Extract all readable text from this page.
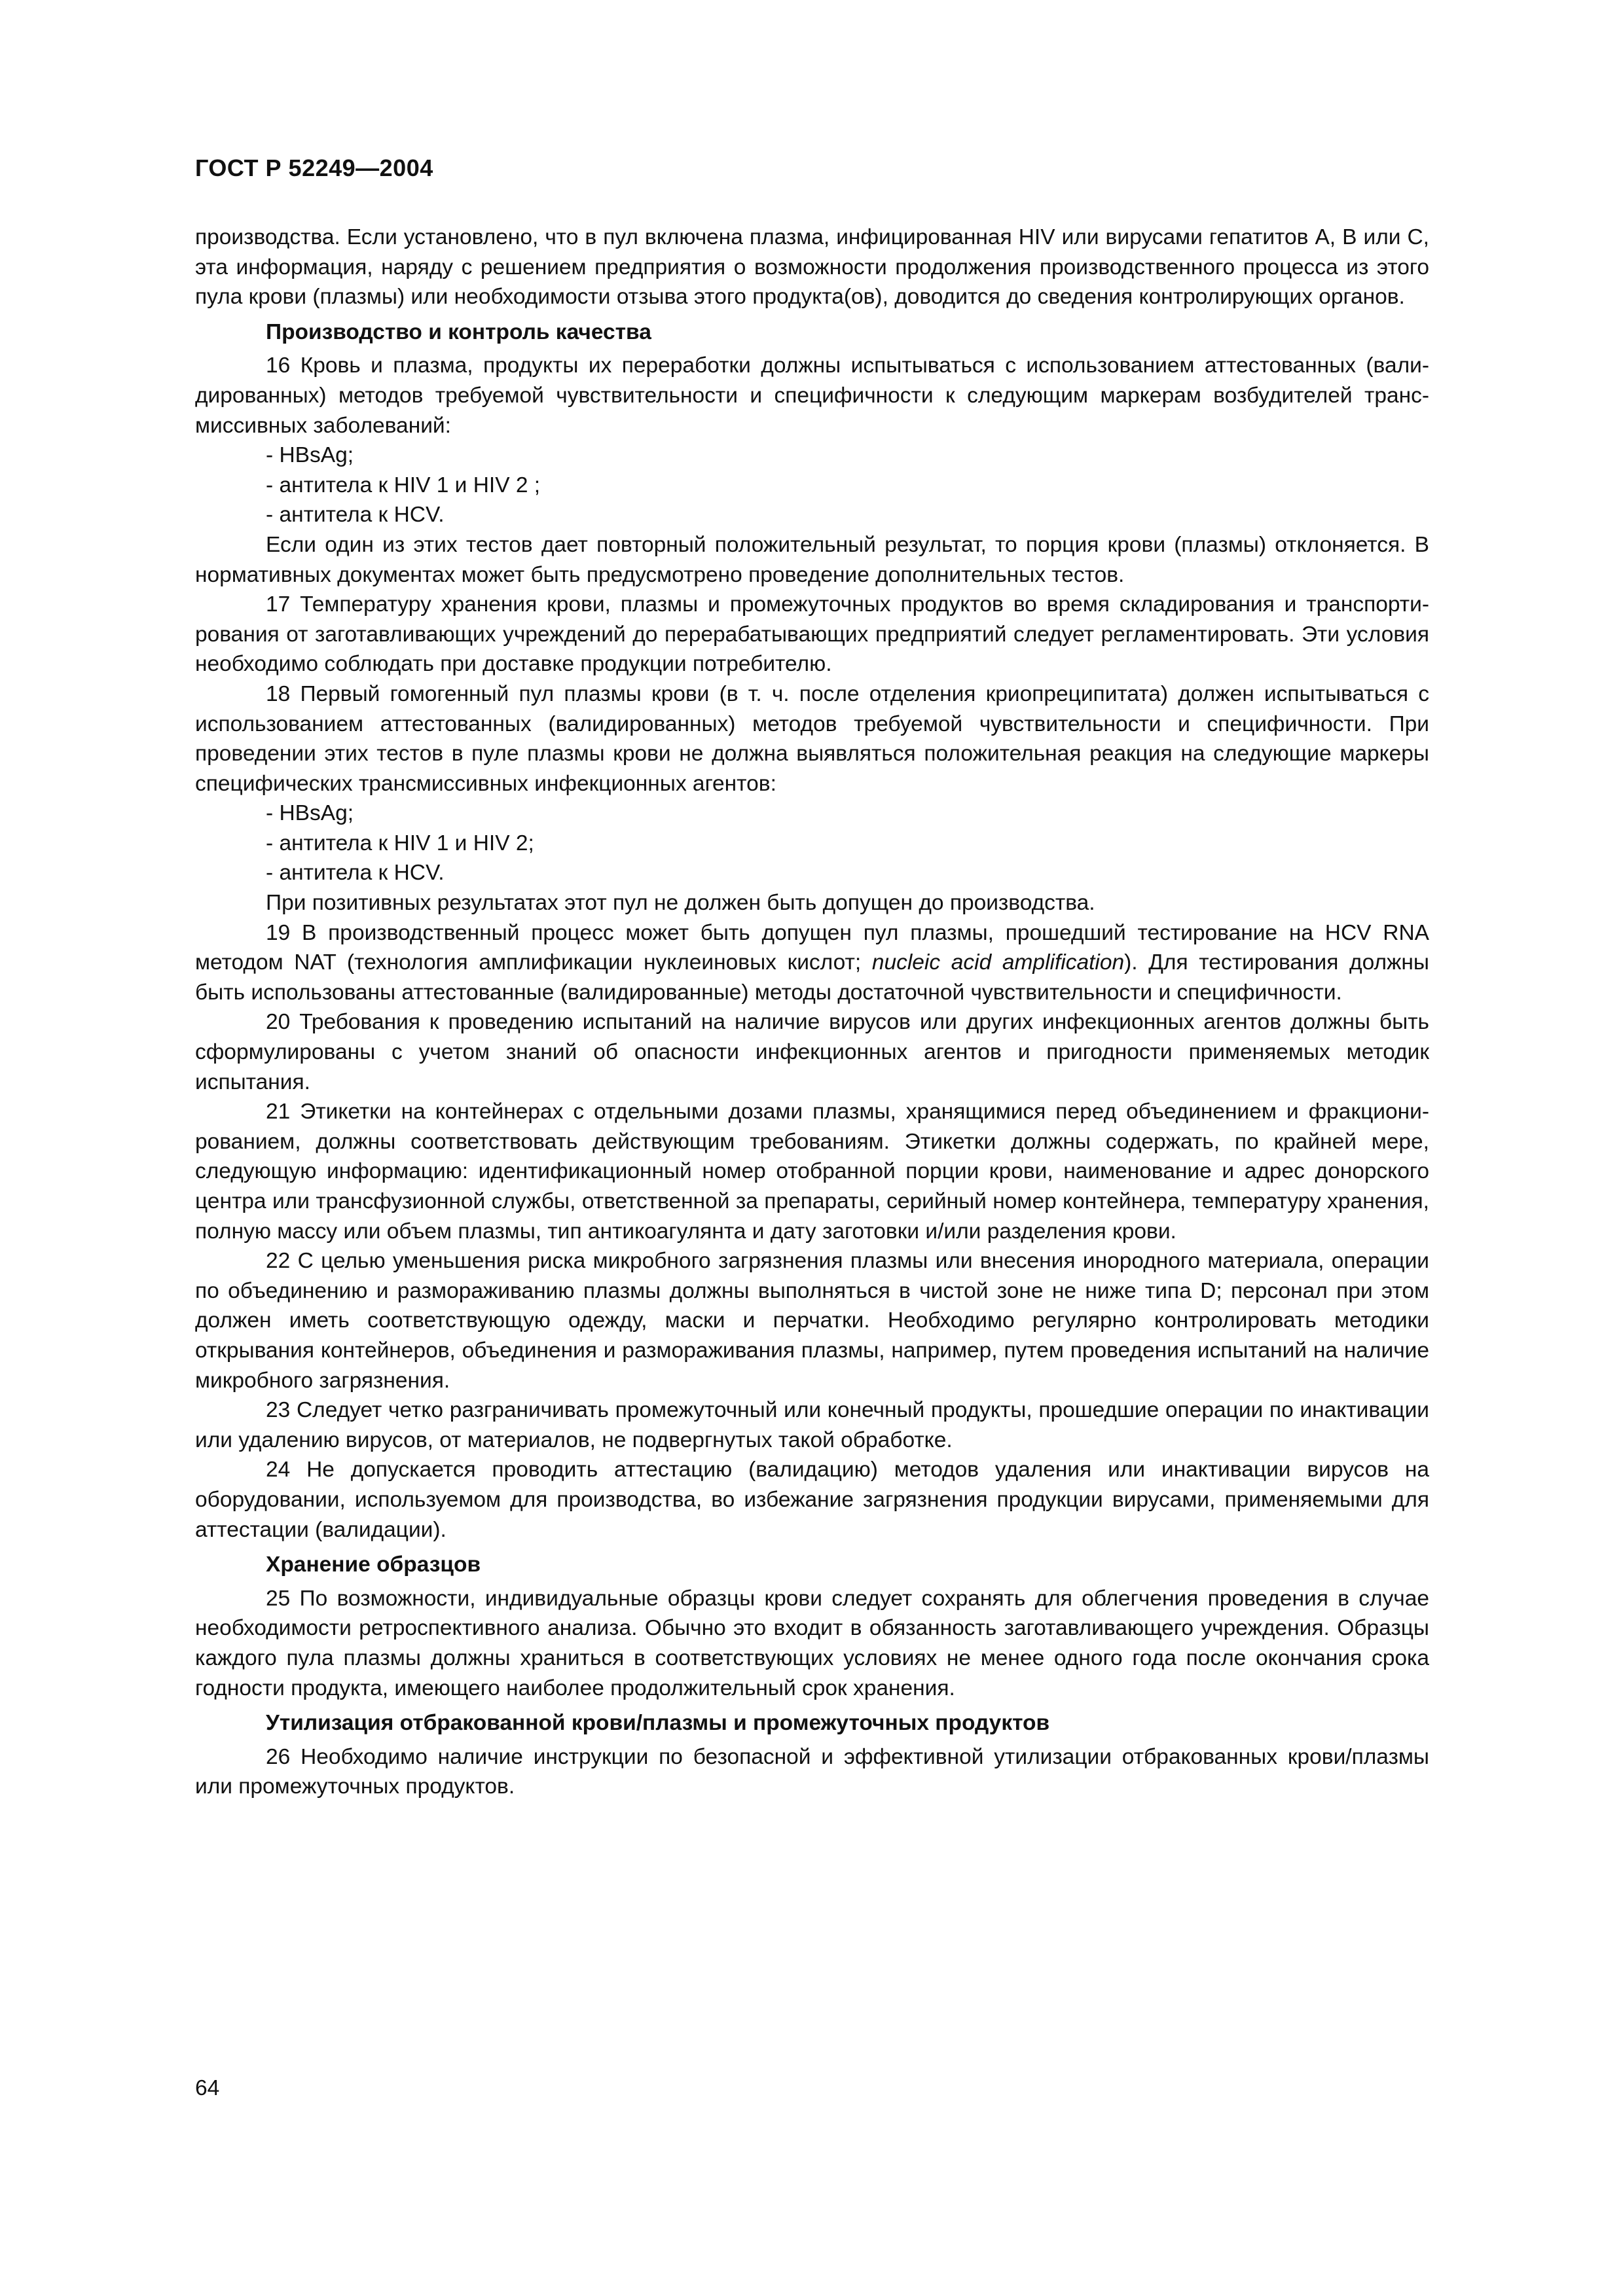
ГОСТ Р 52249—2004

производства. Если установлено, что в пул включена плазма, инфицированная HIV или вирусами гепатитов А, В или С, эта информация, наряду с решением предприятия о возможности продолжения производственного процесса из этого пула крови (плазмы) или необходимости отзыва этого продукта(ов), доводится до сведения контролирующих органов.

Производство и контроль качества

16 Кровь и плазма, продукты их переработки должны испытываться с использованием аттестованных (валидированных) методов требуемой чувствительности и специфичности к следующим маркерам возбудителей трансмиссивных заболеваний:

- HBsAg;
- антитела к HIV 1 и HIV 2 ;
- антитела к HCV.

Если один из этих тестов дает повторный положительный результат, то порция крови (плазмы) отклоняется. В нормативных документах может быть предусмотрено проведение дополнительных тестов.

17 Температуру хранения крови, плазмы и промежуточных продуктов во время складирования и транспортирования от заготавливающих учреждений до перерабатывающих предприятий следует регламентировать. Эти условия необходимо соблюдать при доставке продукции потребителю.

18 Первый гомогенный пул плазмы крови (в т. ч. после отделения криопреципитата) должен испытываться с использованием аттестованных (валидированных) методов требуемой чувствительности и специфичности. При проведении этих тестов в пуле плазмы крови не должна выявляться положительная реакция на следующие маркеры специфических трансмиссивных инфекционных агентов:

- HBsAg;
- антитела к HIV 1 и HIV 2;
- антитела к HCV.

При позитивных результатах этот пул не должен быть допущен до производства.

19 В производственный процесс может быть допущен пул плазмы, прошедший тестирование на HCV RNA методом NAT (технология амплификации нуклеиновых кислот; nucleic acid amplification). Для тестирования должны быть использованы аттестованные (валидированные) методы достаточной чувствительности и специфичности.

20 Требования к проведению испытаний на наличие вирусов или других инфекционных агентов должны быть сформулированы с учетом знаний об опасности инфекционных агентов и пригодности применяемых методик испытания.

21 Этикетки на контейнерах с отдельными дозами плазмы, хранящимися перед объединением и фракционированием, должны соответствовать действующим требованиям. Этикетки должны содержать, по крайней мере, следующую информацию: идентификационный номер отобранной порции крови, наименование и адрес донорского центра или трансфузионной службы, ответственной за препараты, серийный номер контейнера, температуру хранения, полную массу или объем плазмы, тип антикоагулянта и дату заготовки и/или разделения крови.

22 С целью уменьшения риска микробного загрязнения плазмы или внесения инородного материала, операции по объединению и размораживанию плазмы должны выполняться в чистой зоне не ниже типа D; персонал при этом должен иметь соответствующую одежду, маски и перчатки. Необходимо регулярно контролировать методики открывания контейнеров, объединения и размораживания плазмы, например, путем проведения испытаний на наличие микробного загрязнения.

23 Следует четко разграничивать промежуточный или конечный продукты, прошедшие операции по инактивации или удалению вирусов, от материалов, не подвергнутых такой обработке.

24 Не допускается проводить аттестацию (валидацию) методов удаления или инактивации вирусов на оборудовании, используемом для производства, во избежание загрязнения продукции вирусами, применяемыми для аттестации (валидации).

Хранение образцов

25 По возможности, индивидуальные образцы крови следует сохранять для облегчения проведения в случае необходимости ретроспективного анализа. Обычно это входит в обязанность заготавливающего учреждения. Образцы каждого пула плазмы должны храниться в соответствующих условиях не менее одного года после окончания срока годности продукта, имеющего наиболее продолжительный срок хранения.

Утилизация отбракованной крови/плазмы и промежуточных продуктов

26 Необходимо наличие инструкции по безопасной и эффективной утилизации отбракованных крови/плазмы или промежуточных продуктов.

64
